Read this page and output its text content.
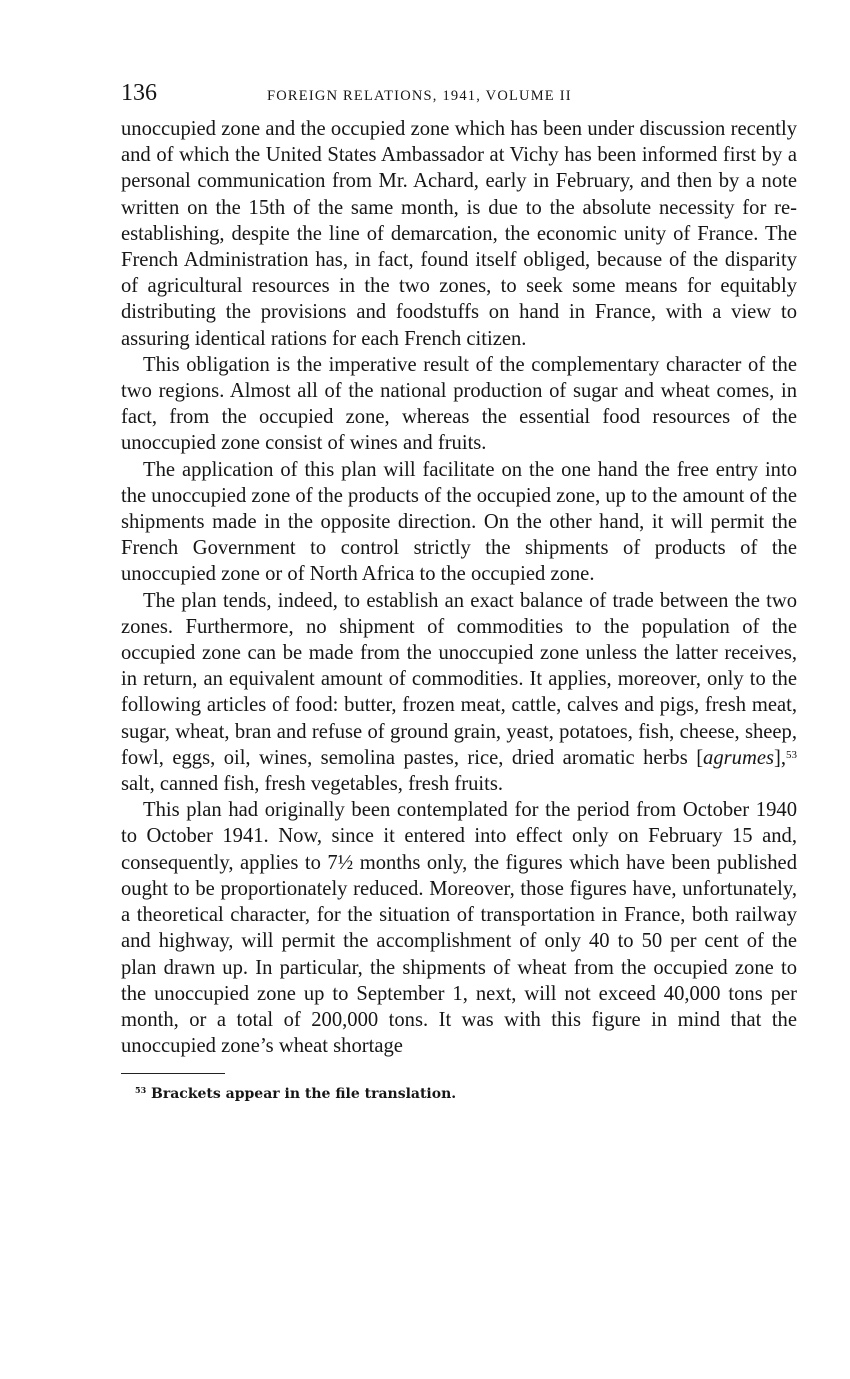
136	FOREIGN RELATIONS, 1941, VOLUME II

unoccupied zone and the occupied zone which has been under discussion recently and of which the United States Ambassador at Vichy has been informed first by a personal communication from Mr. Achard, early in February, and then by a note written on the 15th of the same month, is due to the absolute necessity for re-establishing, despite the line of demarcation, the economic unity of France. The French Administration has, in fact, found itself obliged, because of the disparity of agricultural resources in the two zones, to seek some means for equitably distributing the provisions and foodstuffs on hand in France, with a view to assuring identical rations for each French citizen.

This obligation is the imperative result of the complementary character of the two regions. Almost all of the national production of sugar and wheat comes, in fact, from the occupied zone, whereas the essential food resources of the unoccupied zone consist of wines and fruits.

The application of this plan will facilitate on the one hand the free entry into the unoccupied zone of the products of the occupied zone, up to the amount of the shipments made in the opposite direction. On the other hand, it will permit the French Government to control strictly the shipments of products of the unoccupied zone or of North Africa to the occupied zone.

The plan tends, indeed, to establish an exact balance of trade between the two zones. Furthermore, no shipment of commodities to the population of the occupied zone can be made from the unoccupied zone unless the latter receives, in return, an equivalent amount of commodities. It applies, moreover, only to the following articles of food: butter, frozen meat, cattle, calves and pigs, fresh meat, sugar, wheat, bran and refuse of ground grain, yeast, potatoes, fish, cheese, sheep, fowl, eggs, oil, wines, semolina pastes, rice, dried aromatic herbs [agrumes],$^{53}$ salt, canned fish, fresh vegetables, fresh fruits.

This plan had originally been contemplated for the period from October 1940 to October 1941. Now, since it entered into effect only on February 15 and, consequently, applies to 7½ months only, the figures which have been published ought to be proportionately reduced. Moreover, those figures have, unfortunately, a theoretical character, for the situation of transportation in France, both railway and highway, will permit the accomplishment of only 40 to 50 per cent of the plan drawn up. In particular, the shipments of wheat from the occupied zone to the unoccupied zone up to September 1, next, will not exceed 40,000 tons per month, or a total of 200,000 tons. It was with this figure in mind that the unoccupied zone’s wheat shortage

$^{53}$ Brackets appear in the file translation.
